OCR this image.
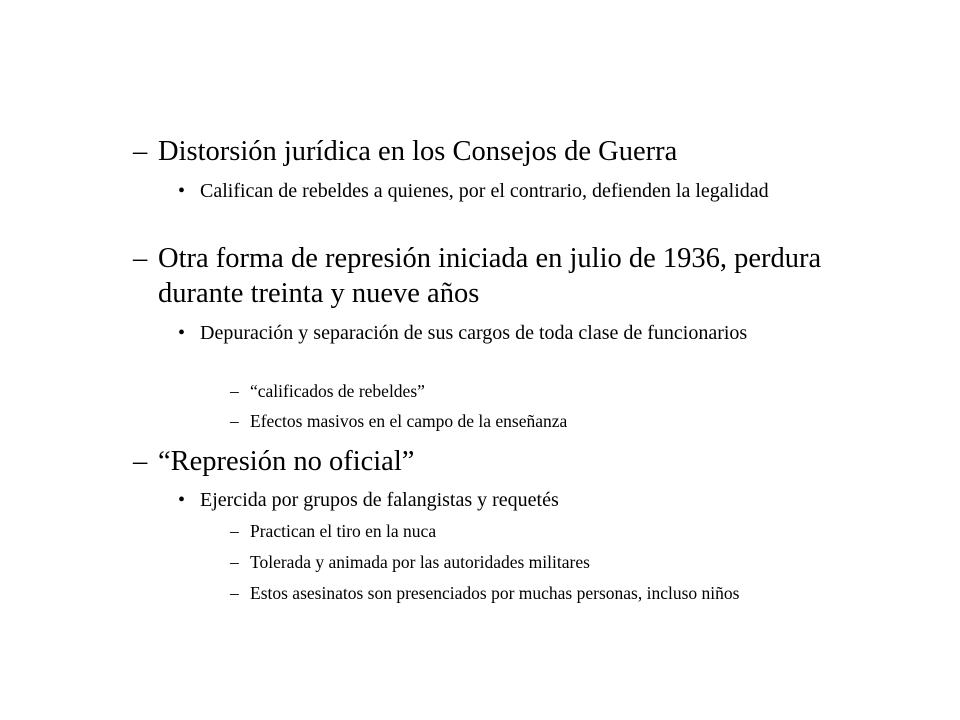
– Distorsión jurídica en los Consejos de Guerra
• Califican de rebeldes a quienes, por el contrario, defienden la legalidad
– Otra forma de represión iniciada en julio de 1936, perdura durante treinta y nueve años
• Depuración y separación de sus cargos de toda clase de funcionarios
– “calificados de rebeldes”
– Efectos masivos en el campo de la enseñanza
– “Represión no oficial”
• Ejercida por grupos de falangistas y requetés
– Practican el tiro en la nuca
– Tolerada y animada por las autoridades militares
– Estos asesinatos son presenciados por muchas personas, incluso niños
